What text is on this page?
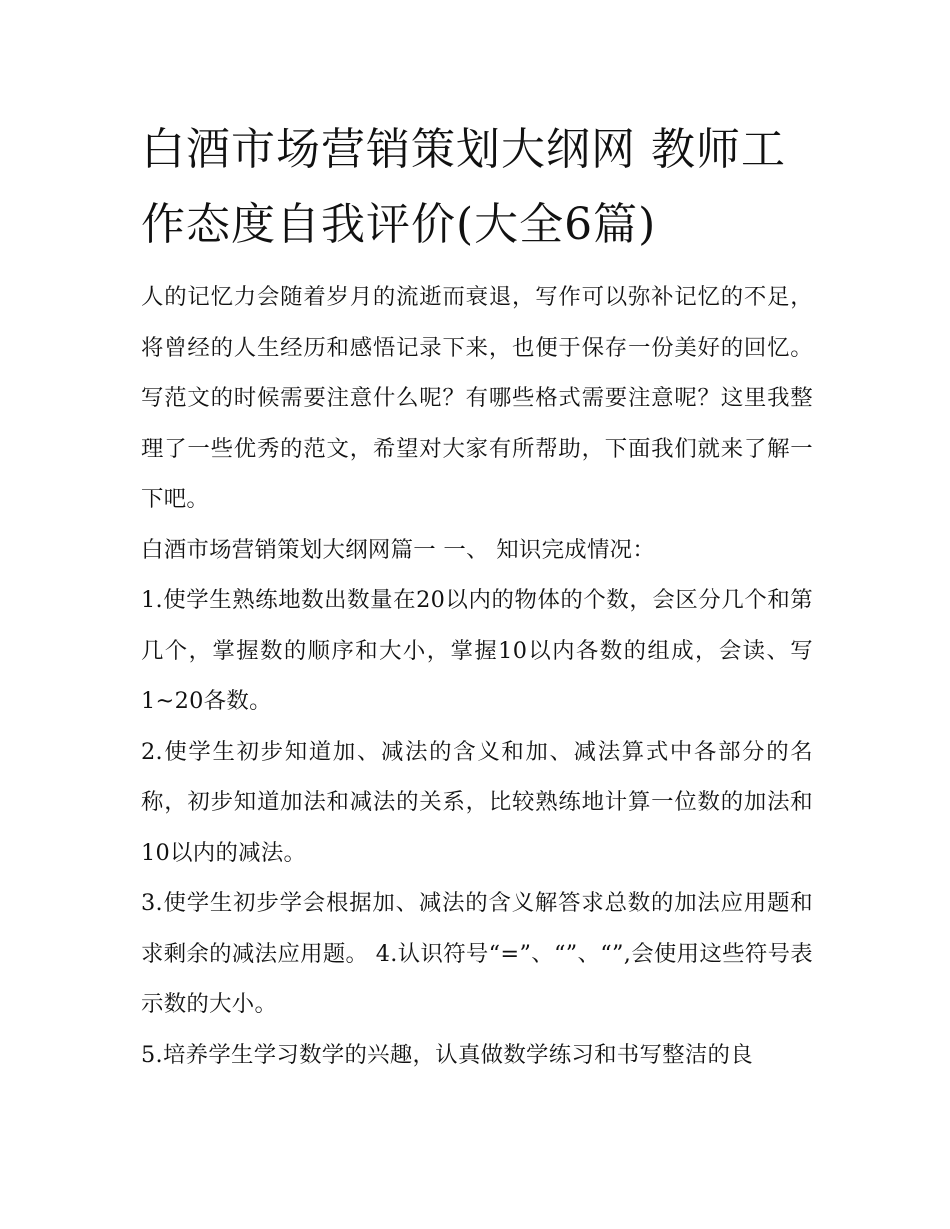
白酒市场营销策划大纲网 教师工作态度自我评价(大全6篇)

人的记忆力会随着岁月的流逝而衰退，写作可以弥补记忆的不足，将曾经的人生经历和感悟记录下来，也便于保存一份美好的回忆。写范文的时候需要注意什么呢？有哪些格式需要注意呢？这里我整理了一些优秀的范文，希望对大家有所帮助，下面我们就来了解一下吧。

白酒市场营销策划大纲网篇一 一、 知识完成情况：

1.使学生熟练地数出数量在20以内的物体的个数，会区分几个和第几个，掌握数的顺序和大小，掌握10以内各数的组成，会读、写1~20各数。

2.使学生初步知道加、减法的含义和加、减法算式中各部分的名称，初步知道加法和减法的关系，比较熟练地计算一位数的加法和10以内的减法。

3.使学生初步学会根据加、减法的含义解答求总数的加法应用题和求剩余的减法应用题。 4.认识符号“=”、“”、“”,会使用这些符号表示数的大小。

5.培养学生学习数学的兴趣，认真做数学练习和书写整洁的良
